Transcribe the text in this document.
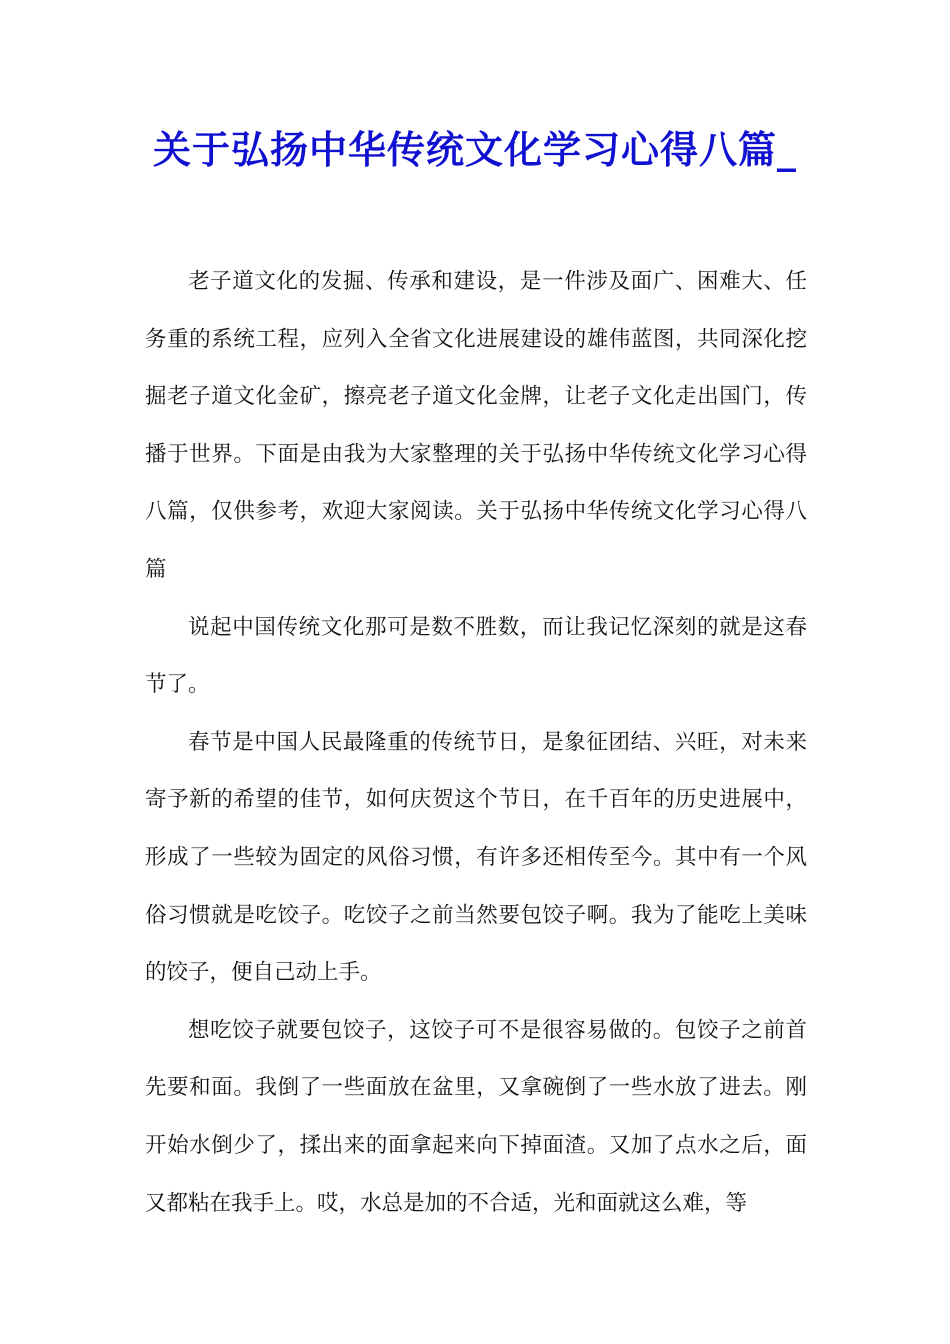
关于弘扬中华传统文化学习心得八篇_

老子道文化的发掘、传承和建设，是一件涉及面广、困难大、任务重的系统工程，应列入全省文化进展建设的雄伟蓝图，共同深化挖掘老子道文化金矿，擦亮老子道文化金牌，让老子文化走出国门，传播于世界。下面是由我为大家整理的关于弘扬中华传统文化学习心得八篇，仅供参考，欢迎大家阅读。关于弘扬中华传统文化学习心得八篇

说起中国传统文化那可是数不胜数，而让我记忆深刻的就是这春节了。

春节是中国人民最隆重的传统节日，是象征团结、兴旺，对未来寄予新的希望的佳节，如何庆贺这个节日，在千百年的历史进展中，形成了一些较为固定的风俗习惯，有许多还相传至今。其中有一个风俗习惯就是吃饺子。吃饺子之前当然要包饺子啊。我为了能吃上美味的饺子，便自己动上手。

想吃饺子就要包饺子，这饺子可不是很容易做的。包饺子之前首先要和面。我倒了一些面放在盆里，又拿碗倒了一些水放了进去。刚开始水倒少了，揉出来的面拿起来向下掉面渣。又加了点水之后，面又都粘在我手上。哎，水总是加的不合适，光和面就这么难，等
